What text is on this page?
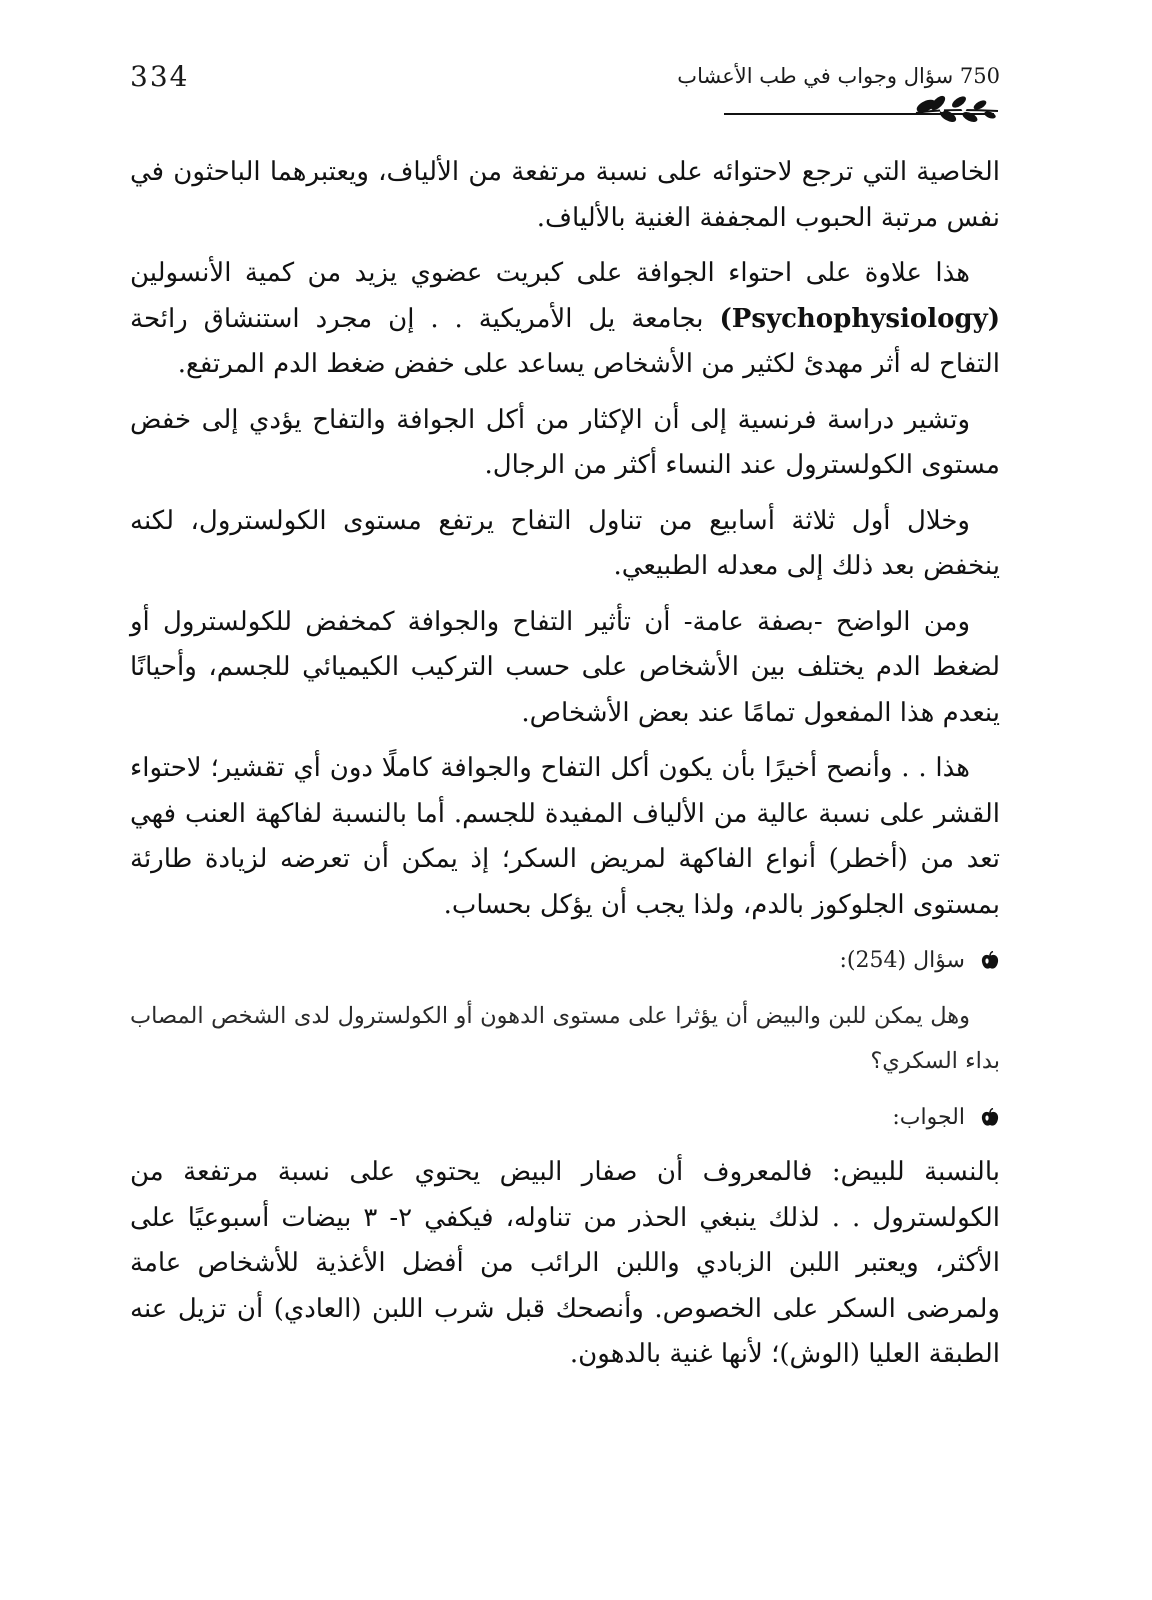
334	750 سؤال وجواب في طب الأعشاب

الخاصية التي ترجع لاحتوائه على نسبة مرتفعة من الألياف، ويعتبرهما الباحثون في نفس مرتبة الحبوب المجففة الغنية بالألياف.

هذا علاوة على احتواء الجوافة على كبريت عضوي يزيد من كمية الأنسولين (Psychophysiology) بجامعة يل الأمريكية . . إن مجرد استنشاق رائحة التفاح له أثر مهدئ لكثير من الأشخاص يساعد على خفض ضغط الدم المرتفع.

وتشير دراسة فرنسية إلى أن الإكثار من أكل الجوافة والتفاح يؤدي إلى خفض مستوى الكولسترول عند النساء أكثر من الرجال.

وخلال أول ثلاثة أسابيع من تناول التفاح يرتفع مستوى الكولسترول، لكنه ينخفض بعد ذلك إلى معدله الطبيعي.

ومن الواضح -بصفة عامة- أن تأثير التفاح والجوافة كمخفض للكولسترول أو لضغط الدم يختلف بين الأشخاص على حسب التركيب الكيميائي للجسم، وأحيانًا ينعدم هذا المفعول تمامًا عند بعض الأشخاص.

هذا . . وأنصح أخيرًا بأن يكون أكل التفاح والجوافة كاملًا دون أي تقشير؛ لاحتواء القشر على نسبة عالية من الألياف المفيدة للجسم. أما بالنسبة لفاكهة العنب فهي تعد من (أخطر) أنواع الفاكهة لمريض السكر؛ إذ يمكن أن تعرضه لزيادة طارئة بمستوى الجلوكوز بالدم، ولذا يجب أن يؤكل بحساب.

سؤال (254):

وهل يمكن للبن والبيض أن يؤثرا على مستوى الدهون أو الكولسترول لدى الشخص المصاب بداء السكري؟

الجواب:

بالنسبة للبيض: فالمعروف أن صفار البيض يحتوي على نسبة مرتفعة من الكولسترول . . لذلك ينبغي الحذر من تناوله، فيكفي ٢- ٣ بيضات أسبوعيًا على الأكثر، ويعتبر اللبن الزبادي واللبن الرائب من أفضل الأغذية للأشخاص عامة ولمرضى السكر على الخصوص. وأنصحك قبل شرب اللبن (العادي) أن تزيل عنه الطبقة العليا (الوش)؛ لأنها غنية بالدهون.
